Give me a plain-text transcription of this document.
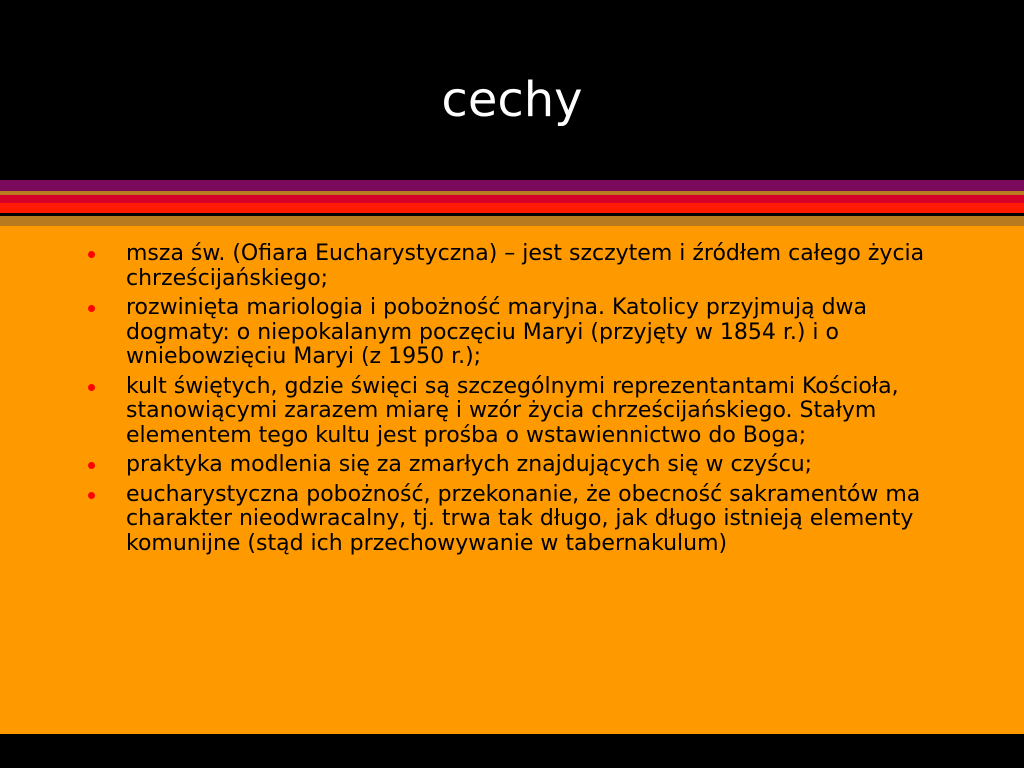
cechy
msza św. (Ofiara Eucharystyczna) – jest szczytem i źródłem całego życia chrześcijańskiego;
rozwinięta mariologia i pobożność maryjna. Katolicy przyjmują dwa dogmaty: o niepokalanym poczęciu Maryi (przyjęty w 1854 r.) i o wniebowzięciu Maryi (z 1950 r.);
kult świętych, gdzie święci są szczególnymi reprezentantami Kościoła, stanowiącymi zarazem miarę i wzór życia chrześcijańskiego. Stałym elementem tego kultu jest prośba o wstawiennictwo do Boga;
praktyka modlenia się za zmarłych znajdujących się w czyścu;
eucharystyczna pobożność, przekonanie, że obecność sakramentów ma charakter nieodwracalny, tj. trwa tak długo, jak długo istnieją elementy komunijne (stąd ich przechowywanie w tabernakulum)
